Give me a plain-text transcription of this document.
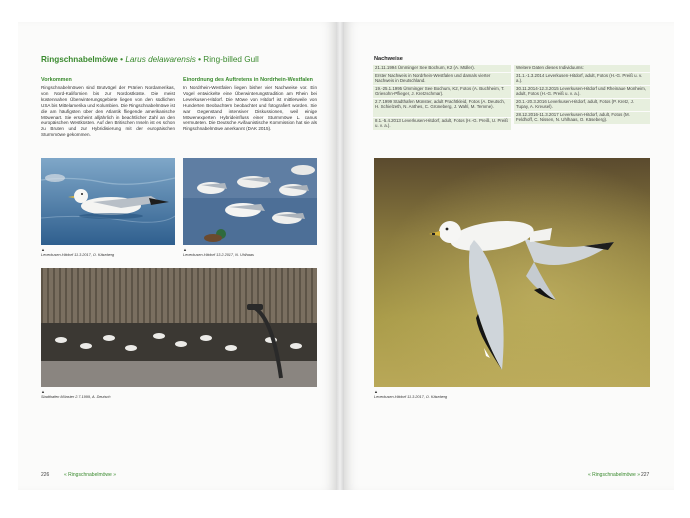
Ringschnabelmöwe • Larus delawarensis • Ring-billed Gull
Vorkommen
Ringschnabelmöwen sind Brutvögel der Prärien Nordamerikas, von Nord-Kalifornien bis zur Nordostküste. Die meist küstennahen Überwinterungsgebiete liegen von den südlichen USA bis Mittelamerika und Kolumbien. Die Ringschnabelmöwe ist die am häufigsten über den Atlantik fliegende amerikanische Möwenart. Sie erscheint alljährlich in beachtlicher Zahl an den europäischen Westküsten. Auf den Britischen Inseln ist es schon zu Bruten und zur Hybridisierung mit der europäischen Sturmmöwe gekommen.
Einordnung des Auftretens in Nordrhein-Westfalen
In Nordrhein-Westfalen liegen bisher vier Nachweise vor. Ein Vogel entwickelte eine Überwinterungstradition am Rhein bei Leverkusen-Hitdorf. Die Möwe von Hitdorf ist mittlerweile von Hunderten Beobachtern beobachtet und fotografiert worden. Sie war Gegenstand intensiver Diskussionen, weil einige Möwenexperten Hybrideinfluss einer Sturmmöwe L. canus vermuteten. Die Deutsche Avifaunistische Kommission hat sie als Ringschnabelmöwe anerkannt (DAK 2015).
▲
Leverkusen-Hitdorf 11.3.2017, O. Käseberg
▲
Leverkusen-Hitdorf 13.2.2017, N. Uhlhaas
▲
Stadthafen Münster 2.7.1999, A. Deutsch
226	« Ringschnabelmöwe »
Nachweise
21.11.1994 Ümminger See Bochum, K2 (A. Müller).
Erster Nachweis in Nordrhein-Westfalen und damals vierter Nachweis in Deutschland.
19.-25.1.1995 Ümminger See Bochum, K2, Fotos (A. Buchheim, T. Griesohn-Pflieger, J. Kretzschmar).
2.7.1999 Stadthafen Münster, adult Prachtkleid, Fotos (A. Deutsch, H. Schielzeth, N. Anthes, C. Grüneberg, J. Wahl, M. Temme).
8.1.-5.4.2013 Leverkusen-Hitdorf, adult, Fotos (H.-G. Preiß, U. Preiß u. v. a.).
Weitere Daten dieses Individuums:
31.1.-1.3.2014 Leverkusen-Hitdorf, adult, Fotos (H.-G. Preiß u. v. a.).
30.11.2014-12.3.2015 Leverkusen-Hitdorf und Rheinaue Monheim, adult, Fotos (H.-G. Preiß u. v. a.).
20.1.-20.3.2016 Leverkusen-Hitdorf, adult, Fotos (P. Kretz, J. Tupay, A. Kreusel).
28.12.2016-11.3.2017 Leverkusen-Hitdorf, adult, Fotos (M. Feldhoff, C. Nissen, N. Uhlhaas, O. Käseberg).
▲
Leverkusen-Hitdorf 11.3.2017, O. Käseberg
« Ringschnabelmöwe » 227
